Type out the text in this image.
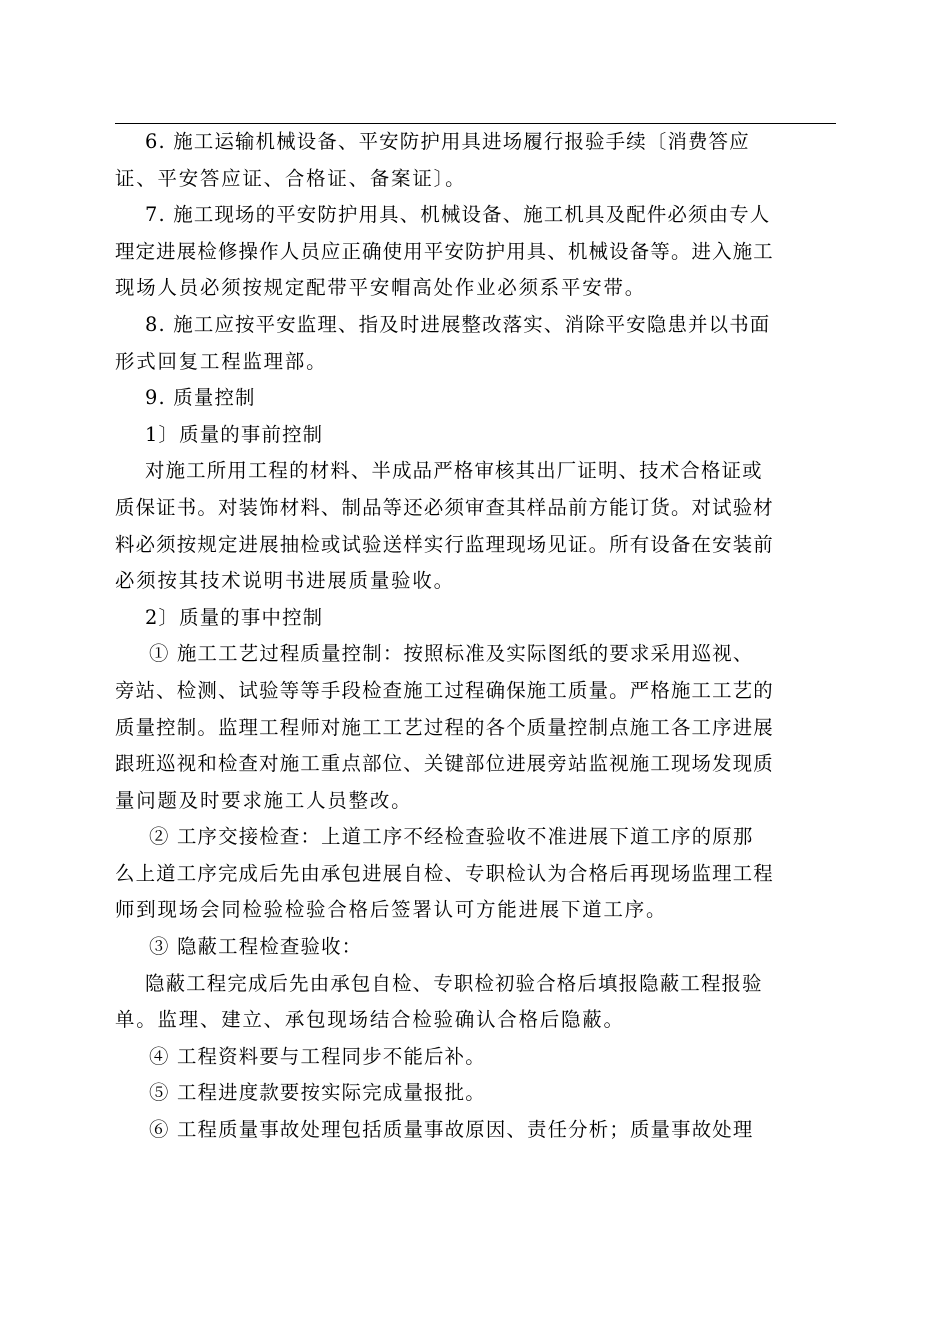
6. 施工运输机械设备、平安防护用具进场履行报验手续〔消费答应
证、平安答应证、合格证、备案证〕。
7. 施工现场的平安防护用具、机械设备、施工机具及配件必须由专人
理定进展检修操作人员应正确使用平安防护用具、机械设备等。进入施工
现场人员必须按规定配带平安帽高处作业必须系平安带。
8. 施工应按平安监理、指及时进展整改落实、消除平安隐患并以书面
形式回复工程监理部。
9. 质量控制
1〕质量的事前控制
对施工所用工程的材料、半成品严格审核其出厂证明、技术合格证或
质保证书。对装饰材料、制品等还必须审查其样品前方能订货。对试验材
料必须按规定进展抽检或试验送样实行监理现场见证。所有设备在安装前
必须按其技术说明书进展质量验收。
2〕质量的事中控制
① 施工工艺过程质量控制：按照标准及实际图纸的要求采用巡视、
旁站、检测、试验等等手段检查施工过程确保施工质量。严格施工工艺的
质量控制。监理工程师对施工工艺过程的各个质量控制点施工各工序进展
跟班巡视和检查对施工重点部位、关键部位进展旁站监视施工现场发现质
量问题及时要求施工人员整改。
② 工序交接检查：上道工序不经检查验收不准进展下道工序的原那
么上道工序完成后先由承包进展自检、专职检认为合格后再现场监理工程
师到现场会同检验检验合格后签署认可方能进展下道工序。
③ 隐蔽工程检查验收：
隐蔽工程完成后先由承包自检、专职检初验合格后填报隐蔽工程报验
单。监理、建立、承包现场结合检验确认合格后隐蔽。
④ 工程资料要与工程同步不能后补。
⑤ 工程进度款要按实际完成量报批。
⑥ 工程质量事故处理包括质量事故原因、责任分析；质量事故处理
